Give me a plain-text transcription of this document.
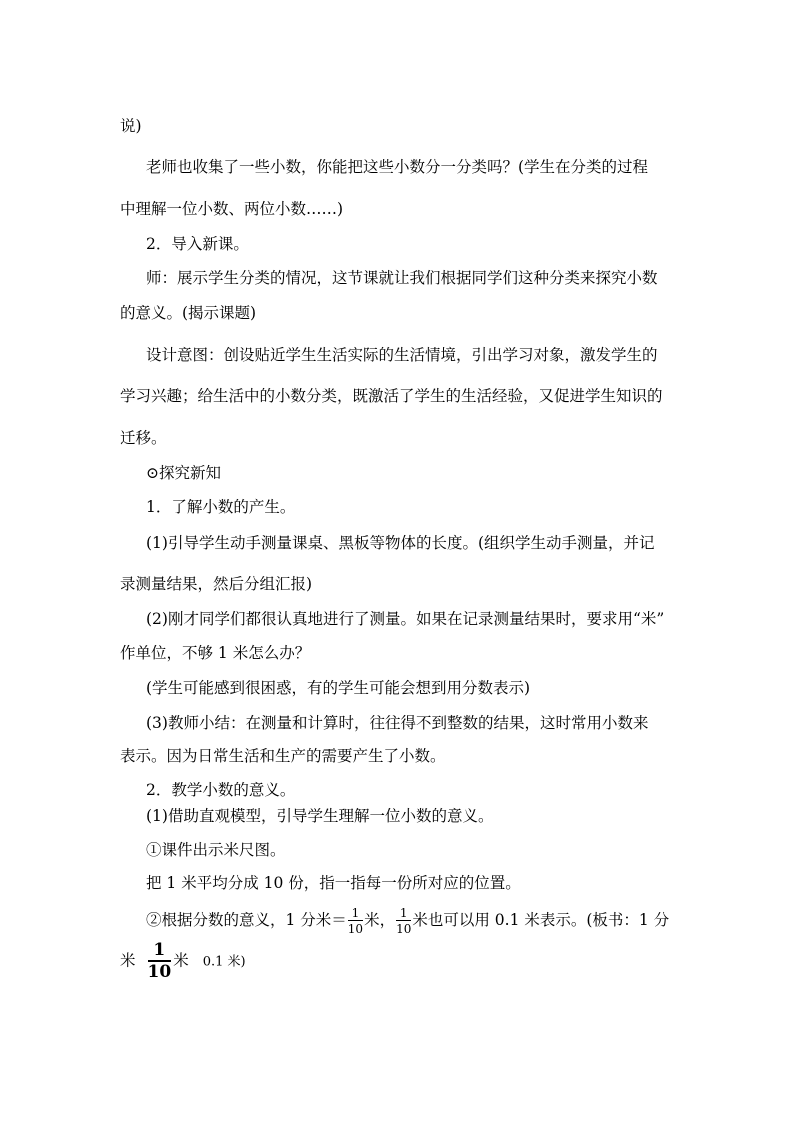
说)
老师也收集了一些小数，你能把这些小数分一分类吗？(学生在分类的过程
中理解一位小数、两位小数……)
2．导入新课。
师：展示学生分类的情况，这节课就让我们根据同学们这种分类来探究小数
的意义。(揭示课题)
设计意图：创设贴近学生生活实际的生活情境，引出学习对象，激发学生的
学习兴趣；给生活中的小数分类，既激活了学生的生活经验，又促进学生知识的
迁移。
⊙探究新知
1．了解小数的产生。
(1)引导学生动手测量课桌、黑板等物体的长度。(组织学生动手测量，并记
录测量结果，然后分组汇报)
(2)刚才同学们都很认真地进行了测量。如果在记录测量结果时，要求用“米”
作单位，不够 1 米怎么办？
(学生可能感到很困惑，有的学生可能会想到用分数表示)
(3)教师小结：在测量和计算时，往往得不到整数的结果，这时常用小数来
表示。因为日常生活和生产的需要产生了小数。
2．教学小数的意义。
(1)借助直观模型，引导学生理解一位小数的意义。
①课件出示米尺图。
把 1 米平均分成 10 份，指一指每一份所对应的位置。
②根据分数的意义，1 分米＝ $\frac{1}{10}$ 米， $\frac{1}{10}$ 米也可以用 0.1 米表示。(板书：1 分
米 $\frac{1}{10}$ 米 0.1 米)
